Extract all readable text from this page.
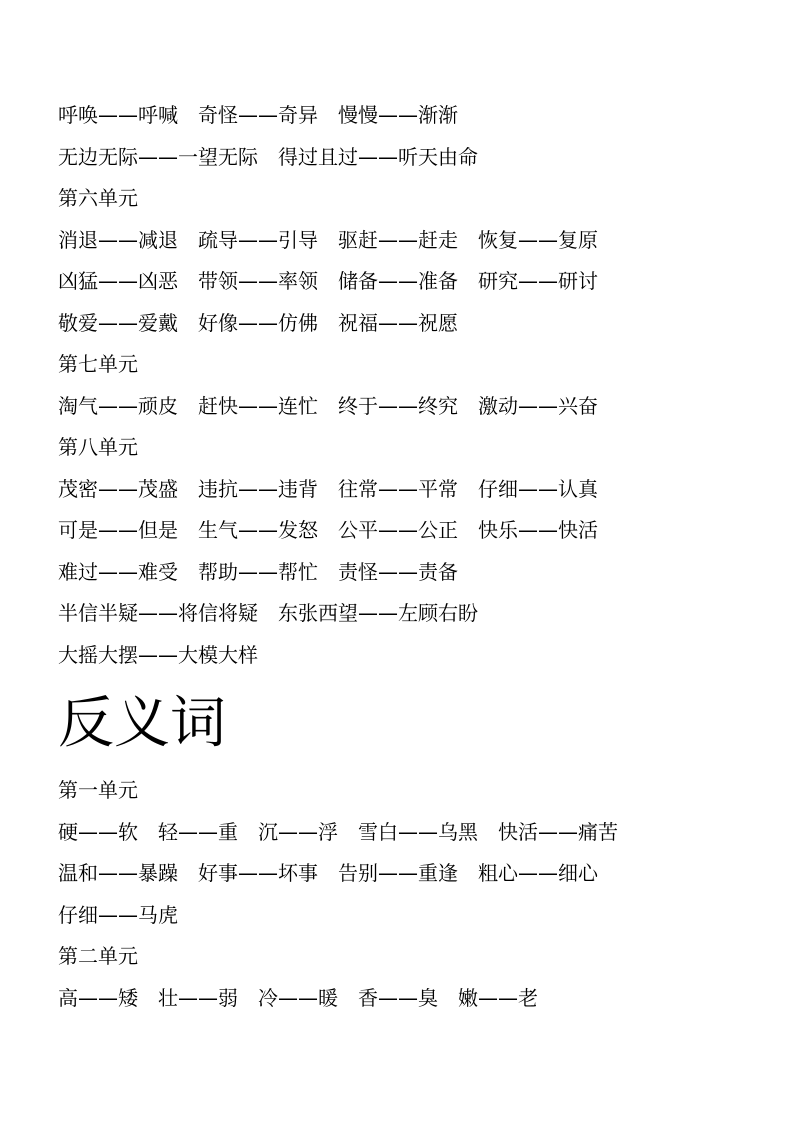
呼唤——呼喊　奇怪——奇异　慢慢——渐渐
无边无际——一望无际　得过且过——听天由命
第六单元
消退——减退　疏导——引导　驱赶——赶走　恢复——复原
凶猛——凶恶　带领——率领　储备——准备　研究——研讨
敬爱——爱戴　好像——仿佛　祝福——祝愿
第七单元
淘气——顽皮　赶快——连忙　终于——终究　激动——兴奋
第八单元
茂密——茂盛　违抗——违背　往常——平常　仔细——认真
可是——但是　生气——发怒　公平——公正　快乐——快活
难过——难受　帮助——帮忙　责怪——责备
半信半疑——将信将疑　东张西望——左顾右盼
大摇大摆——大模大样
反义词
第一单元
硬——软　轻——重　沉——浮　雪白——乌黑　快活——痛苦
温和——暴躁　好事——坏事　告别——重逢　粗心——细心
仔细——马虎
第二单元
高——矮　壮——弱　冷——暖　香——臭　嫩——老
